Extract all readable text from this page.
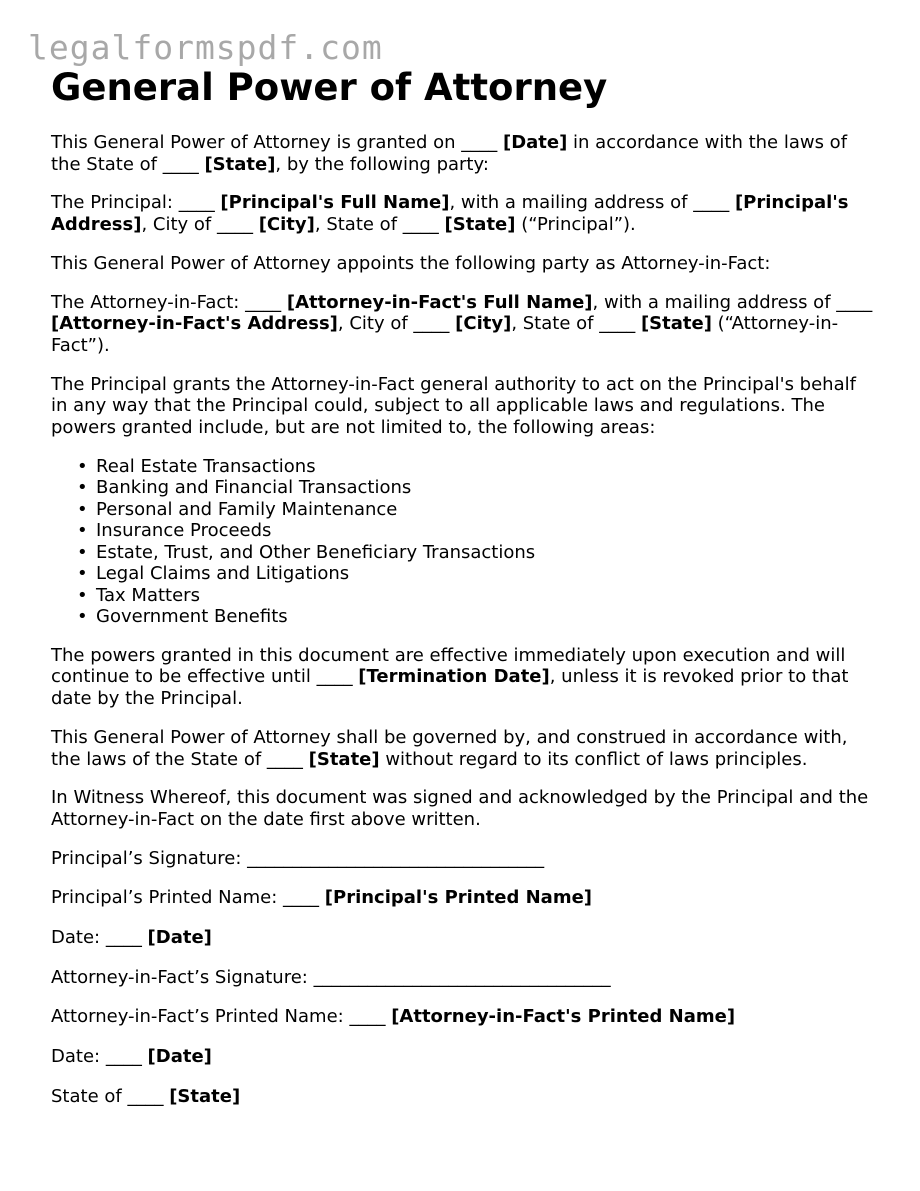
legalformspdf.com
General Power of Attorney
This General Power of Attorney is granted on ____ [Date] in accordance with the laws of the State of ____ [State], by the following party:
The Principal: ____ [Principal's Full Name], with a mailing address of ____ [Principal's Address], City of ____ [City], State of ____ [State] (“Principal”).
This General Power of Attorney appoints the following party as Attorney-in-Fact:
The Attorney-in-Fact: ____ [Attorney-in-Fact's Full Name], with a mailing address of ____ [Attorney-in-Fact's Address], City of ____ [City], State of ____ [State] (“Attorney-in-Fact”).
The Principal grants the Attorney-in-Fact general authority to act on the Principal's behalf in any way that the Principal could, subject to all applicable laws and regulations. The powers granted include, but are not limited to, the following areas:
• Real Estate Transactions
• Banking and Financial Transactions
• Personal and Family Maintenance
• Insurance Proceeds
• Estate, Trust, and Other Beneficiary Transactions
• Legal Claims and Litigations
• Tax Matters
• Government Benefits
The powers granted in this document are effective immediately upon execution and will continue to be effective until ____ [Termination Date], unless it is revoked prior to that date by the Principal.
This General Power of Attorney shall be governed by, and construed in accordance with, the laws of the State of ____ [State] without regard to its conflict of laws principles.
In Witness Whereof, this document was signed and acknowledged by the Principal and the Attorney-in-Fact on the date first above written.
Principal’s Signature: _________________________________
Principal’s Printed Name: ____ [Principal's Printed Name]
Date: ____ [Date]
Attorney-in-Fact’s Signature: _________________________________
Attorney-in-Fact’s Printed Name: ____ [Attorney-in-Fact's Printed Name]
Date: ____ [Date]
State of ____ [State]
